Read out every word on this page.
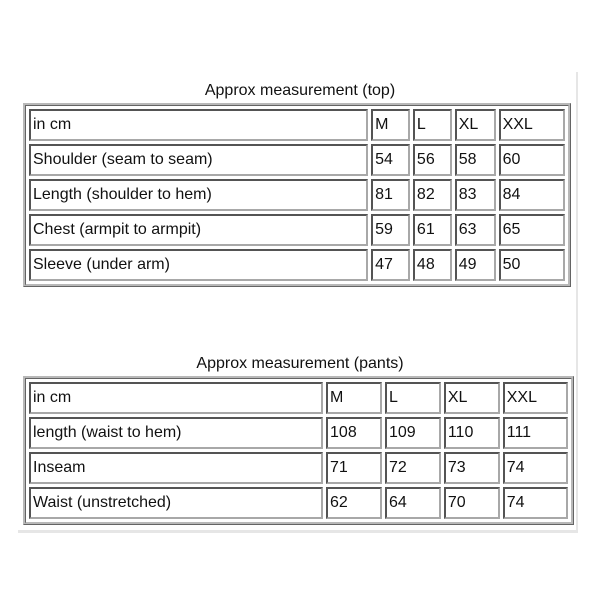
Approx measurement (top)
in cm	M	L	XL	XXL
Shoulder (seam to seam)	54	56	58	60
Length (shoulder to hem)	81	82	83	84
Chest (armpit to armpit)	59	61	63	65
Sleeve (under arm)	47	48	49	50
Approx measurement (pants)
in cm	M	L	XL	XXL
length (waist to hem)	108	109	110	111
Inseam	71	72	73	74
Waist (unstretched)	62	64	70	74
